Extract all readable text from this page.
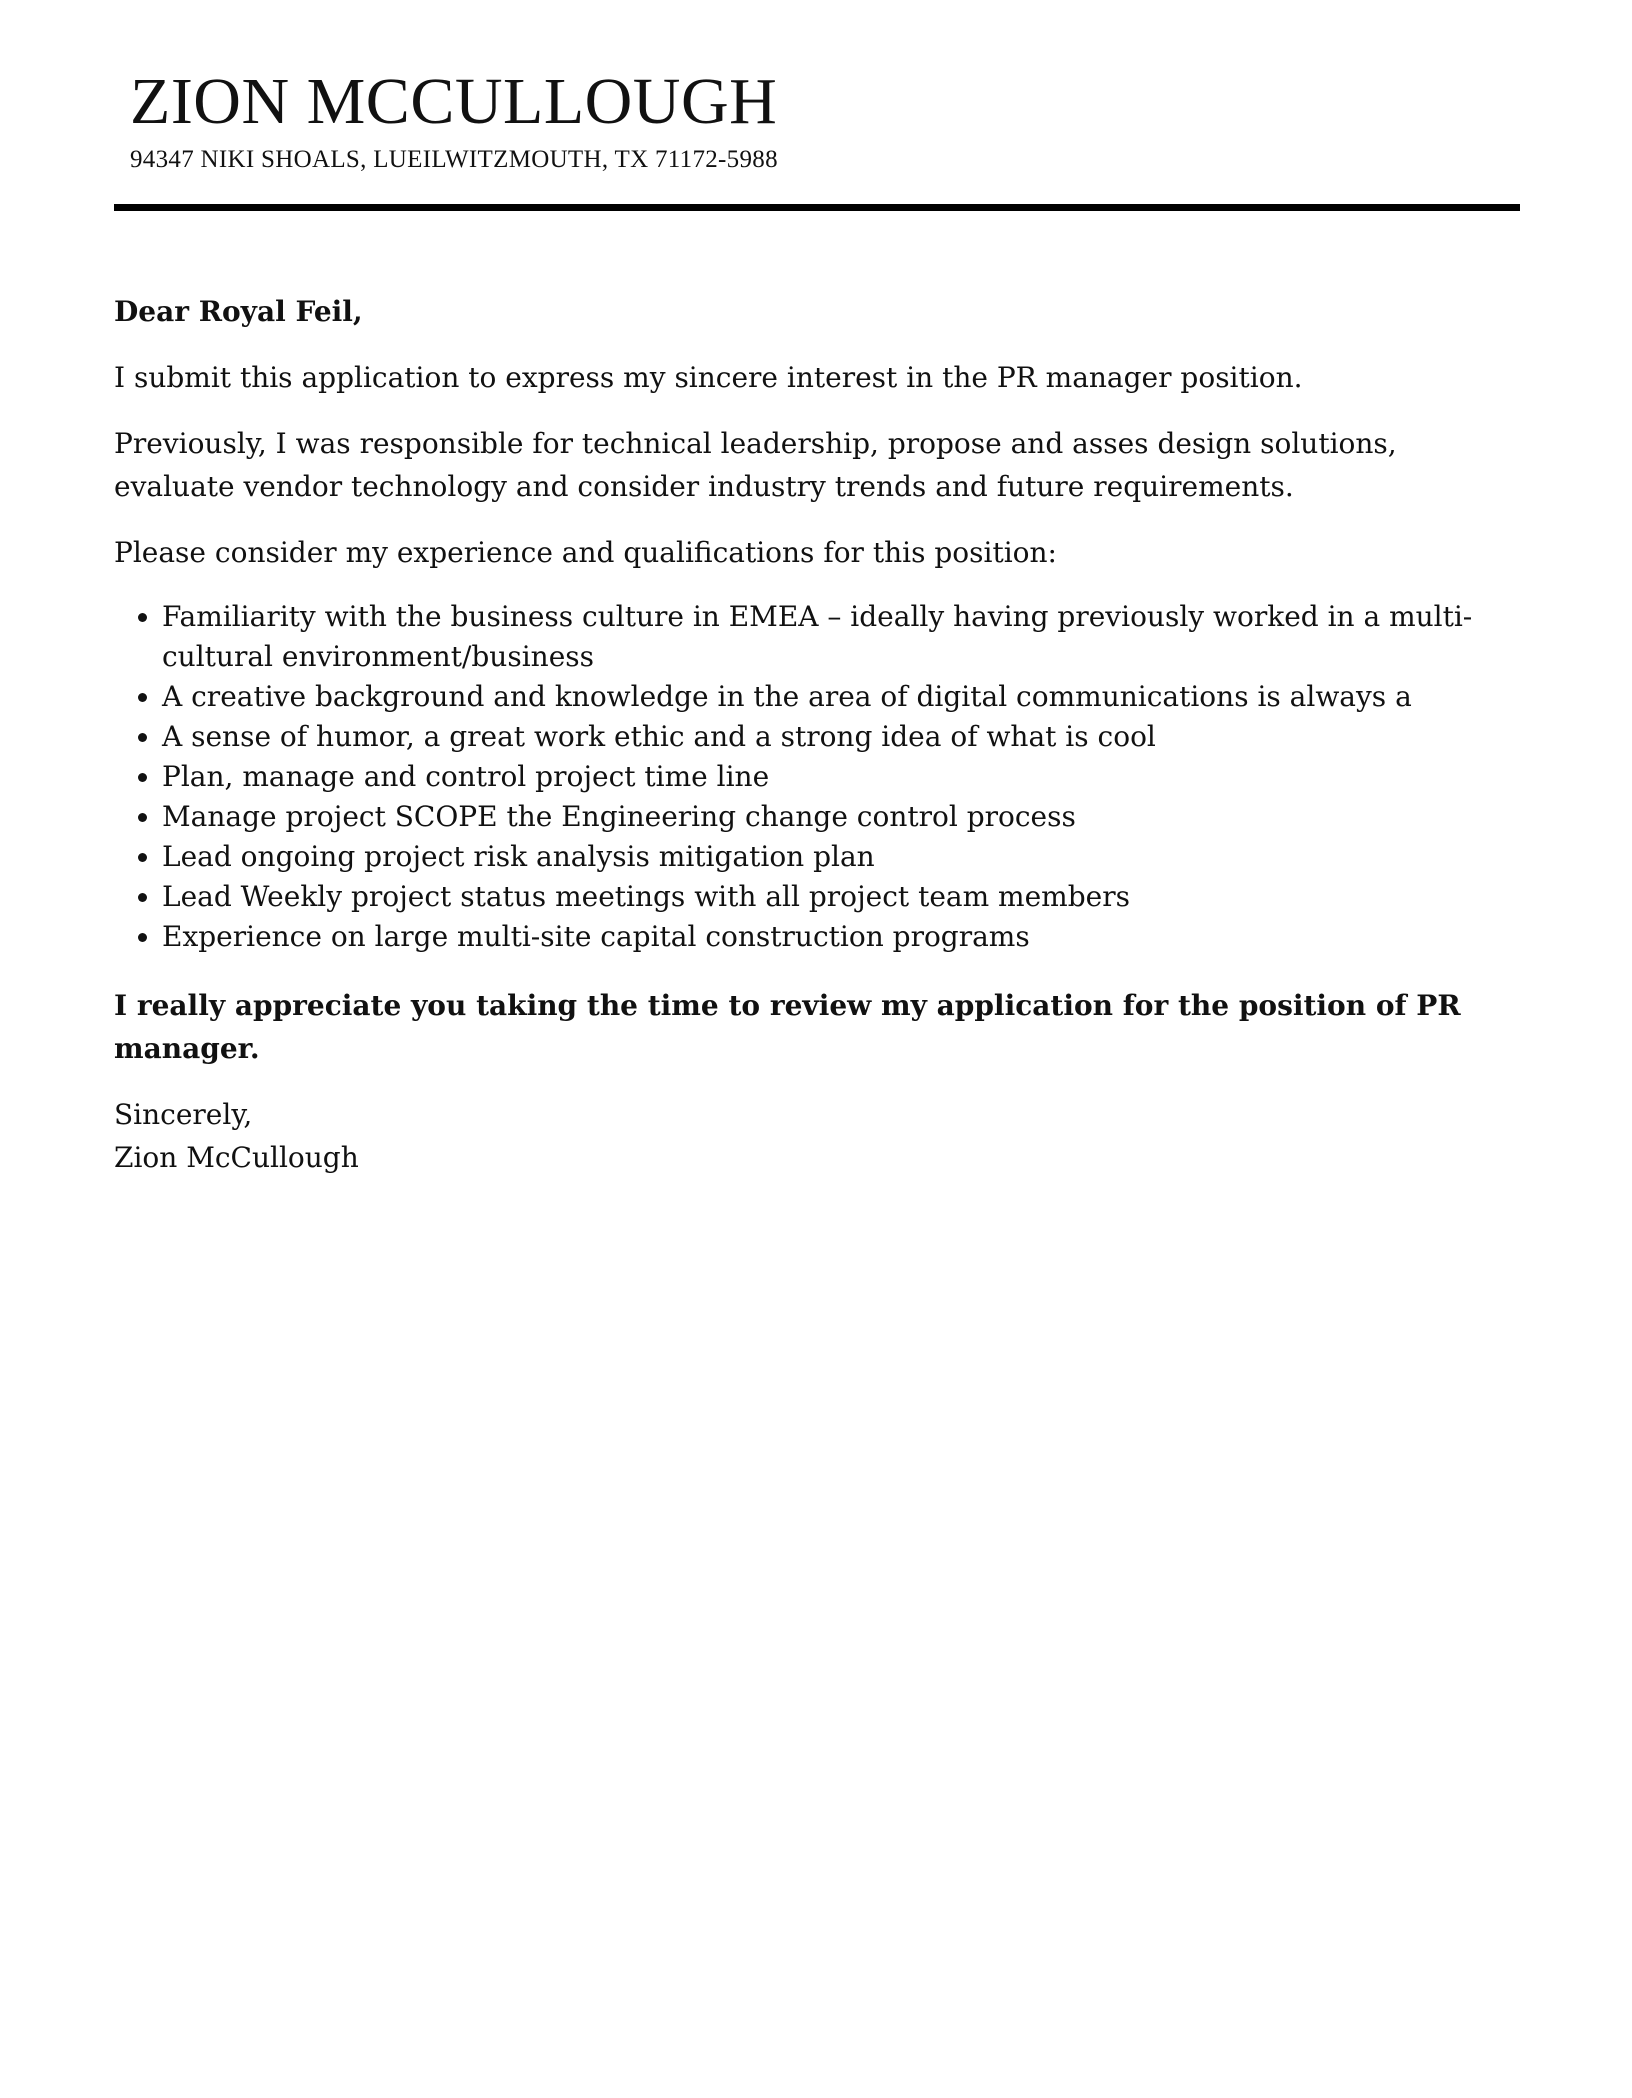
ZION MCCULLOUGH
94347 NIKI SHOALS, LUEILWITZMOUTH, TX 71172-5988

Dear Royal Feil,

I submit this application to express my sincere interest in the PR manager position.

Previously, I was responsible for technical leadership, propose and asses design solutions, evaluate vendor technology and consider industry trends and future requirements.

Please consider my experience and qualifications for this position:

• Familiarity with the business culture in EMEA – ideally having previously worked in a multi-cultural environment/business
• A creative background and knowledge in the area of digital communications is always a
• A sense of humor, a great work ethic and a strong idea of what is cool
• Plan, manage and control project time line
• Manage project SCOPE the Engineering change control process
• Lead ongoing project risk analysis mitigation plan
• Lead Weekly project status meetings with all project team members
• Experience on large multi-site capital construction programs

I really appreciate you taking the time to review my application for the position of PR manager.

Sincerely,
Zion McCullough
